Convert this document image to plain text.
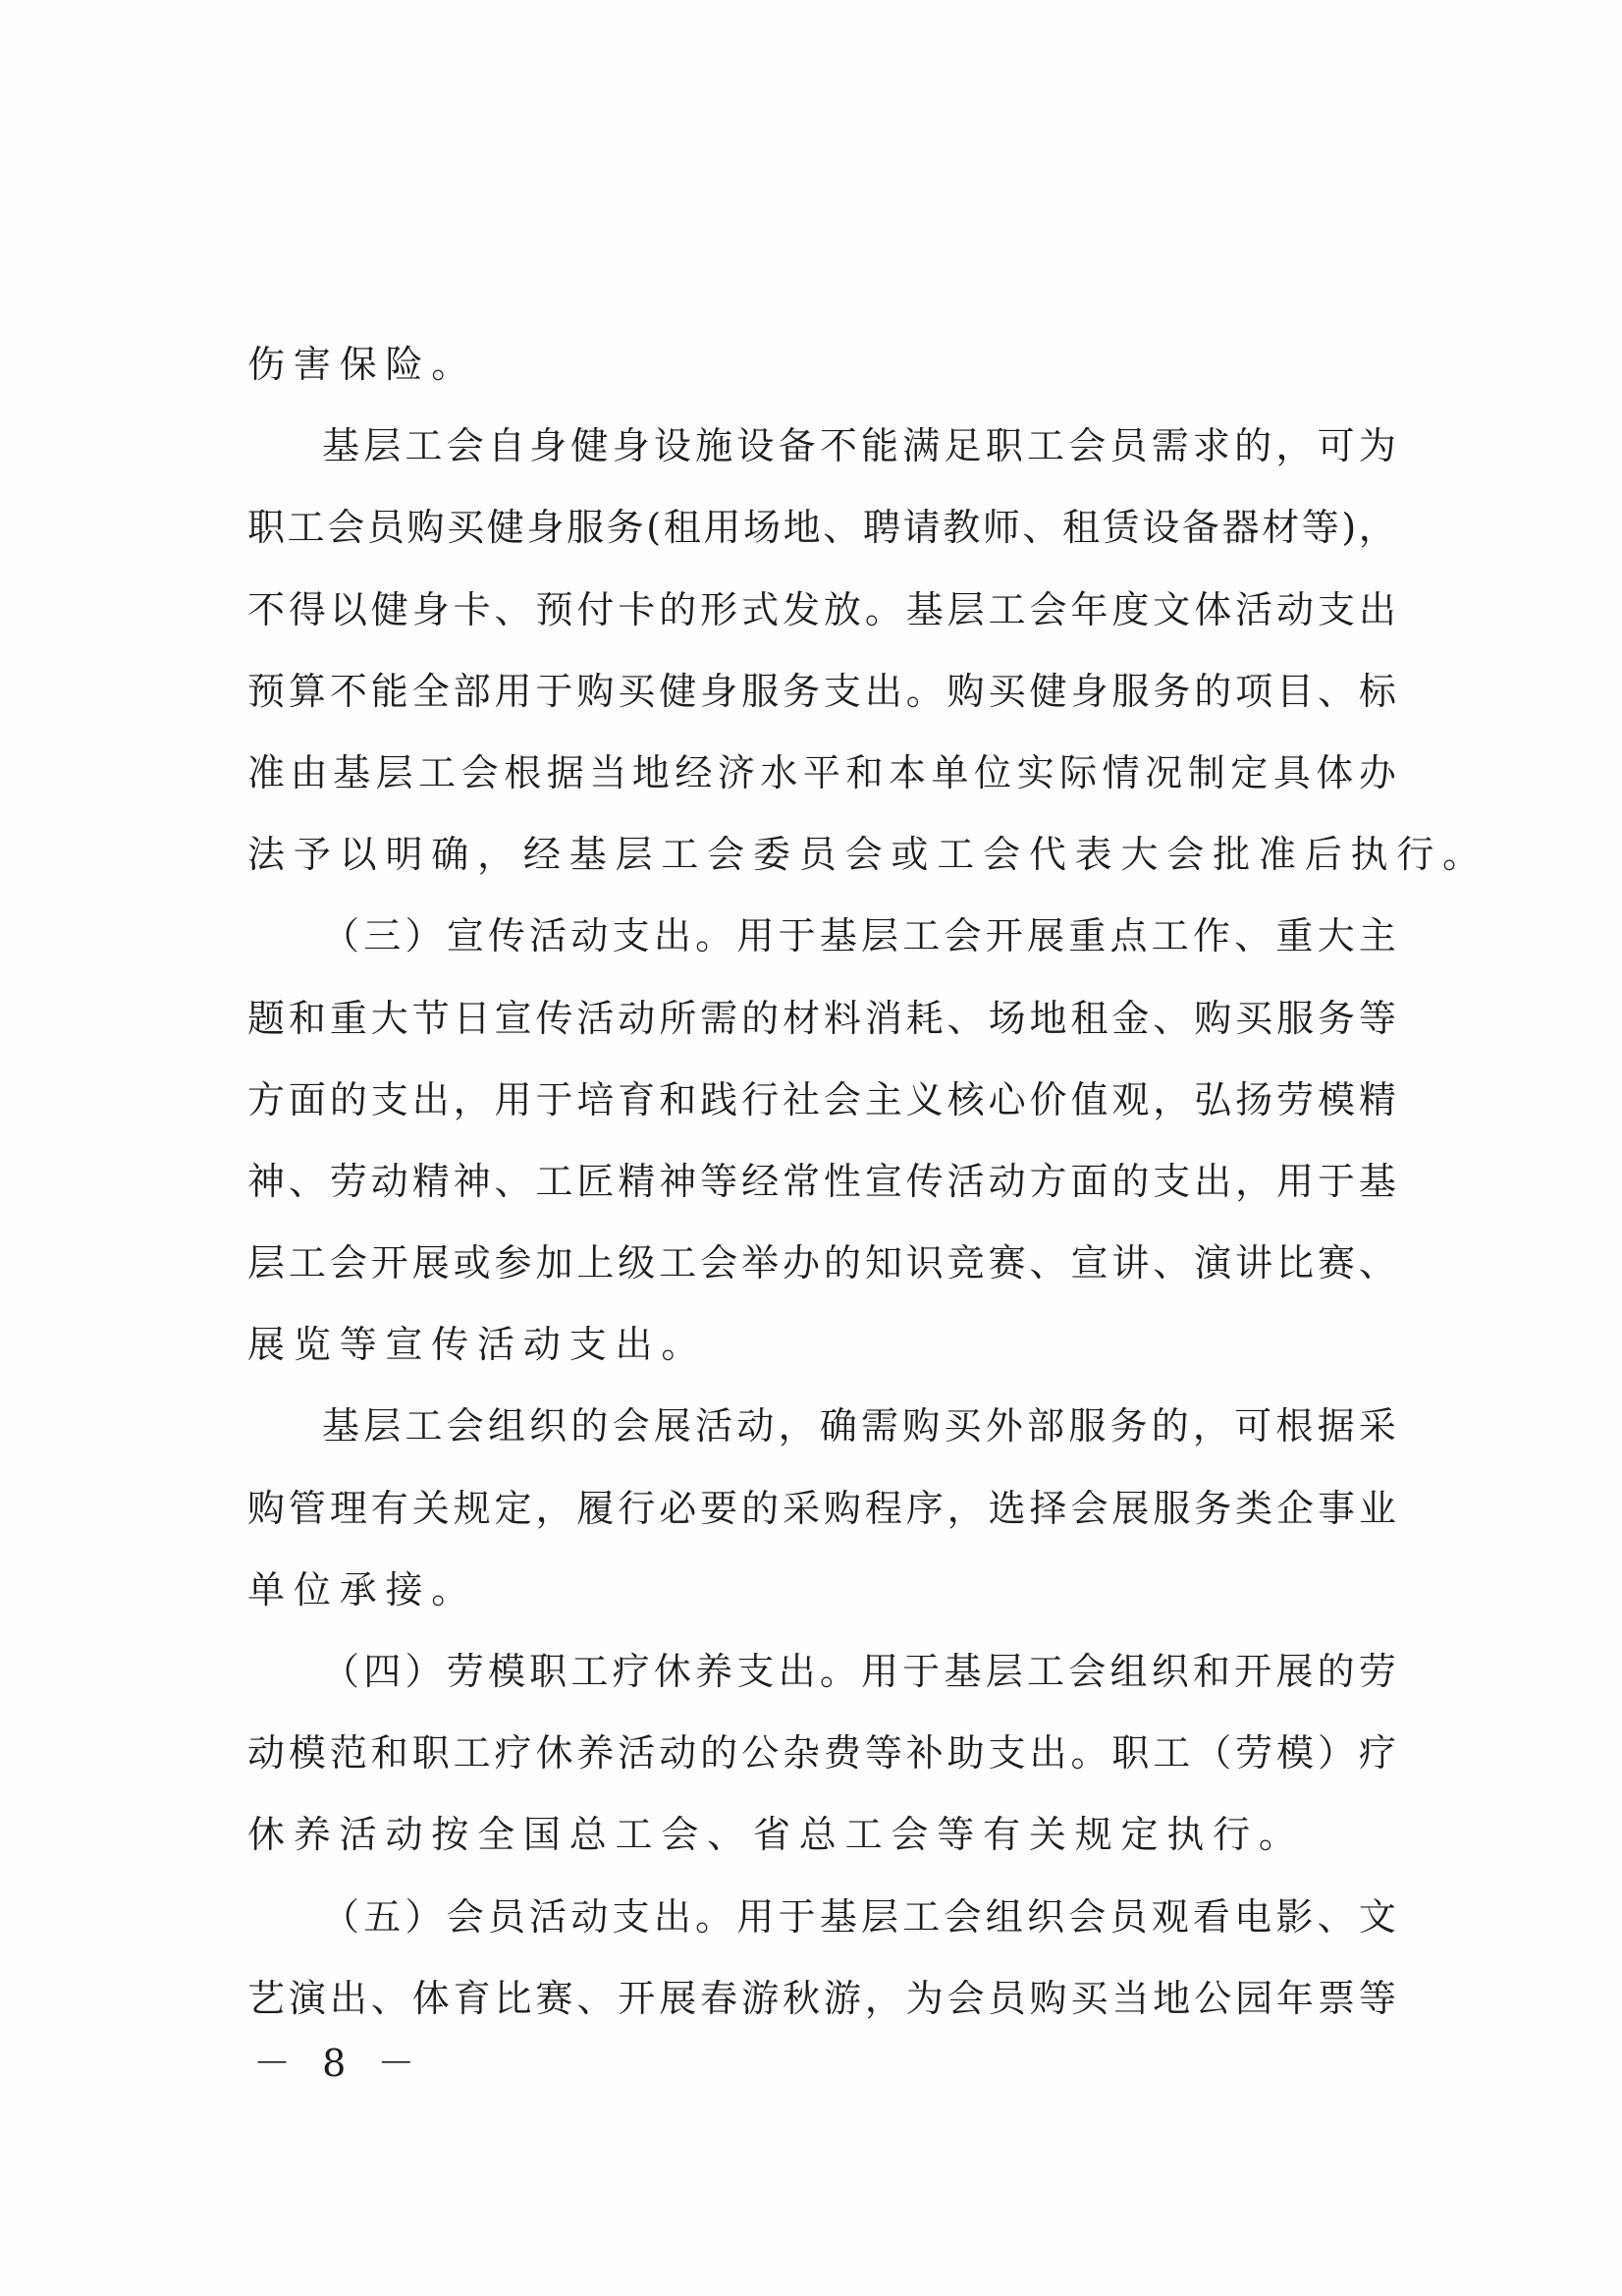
伤 害 保 险 。
基 层 工 会 自 身 健 身 设 施 设 备 不 能 满 足 职 工 会 员 需 求 的 ， 可 为
职 工 会 员 购 买 健 身 服 务 ( 租 用 场 地 、 聘 请 教 师 、 租 赁 设 备 器 材 等 ) ，
不 得 以 健 身 卡 、 预 付 卡 的 形 式 发 放 。 基 层 工 会 年 度 文 体 活 动 支 出
预 算 不 能 全 部 用 于 购 买 健 身 服 务 支 出 。 购 买 健 身 服 务 的 项 目 、 标
准 由 基 层 工 会 根 据 当 地 经 济 水 平 和 本 单 位 实 际 情 况 制 定 具 体 办
法 予 以 明 确 ， 经 基 层 工 会 委 员 会 或 工 会 代 表 大 会 批 准 后 执 行 。
（ 三 ） 宣 传 活 动 支 出 。 用 于 基 层 工 会 开 展 重 点 工 作 、 重 大 主
题 和 重 大 节 日 宣 传 活 动 所 需 的 材 料 消 耗 、 场 地 租 金 、 购 买 服 务 等
方 面 的 支 出 ， 用 于 培 育 和 践 行 社 会 主 义 核 心 价 值 观 ， 弘 扬 劳 模 精
神 、 劳 动 精 神 、 工 匠 精 神 等 经 常 性 宣 传 活 动 方 面 的 支 出 ， 用 于 基
层 工 会 开 展 或 参 加 上 级 工 会 举 办 的 知 识 竞 赛 、 宣 讲 、 演 讲 比 赛 、
展 览 等 宣 传 活 动 支 出 。
基 层 工 会 组 织 的 会 展 活 动 ， 确 需 购 买 外 部 服 务 的 ， 可 根 据 采
购 管 理 有 关 规 定 ， 履 行 必 要 的 采 购 程 序 ， 选 择 会 展 服 务 类 企 事 业
单 位 承 接 。
（ 四 ） 劳 模 职 工 疗 休 养 支 出 。 用 于 基 层 工 会 组 织 和 开 展 的 劳
动 模 范 和 职 工 疗 休 养 活 动 的 公 杂 费 等 补 助 支 出 。 职 工 （ 劳 模 ） 疗
休 养 活 动 按 全 国 总 工 会 、 省 总 工 会 等 有 关 规 定 执 行 。
（ 五 ） 会 员 活 动 支 出 。 用 于 基 层 工 会 组 织 会 员 观 看 电 影 、 文
艺 演 出 、 体 育 比 赛 、 开 展 春 游 秋 游 ， 为 会 员 购 买 当 地 公 园 年 票 等
－ 8 －
